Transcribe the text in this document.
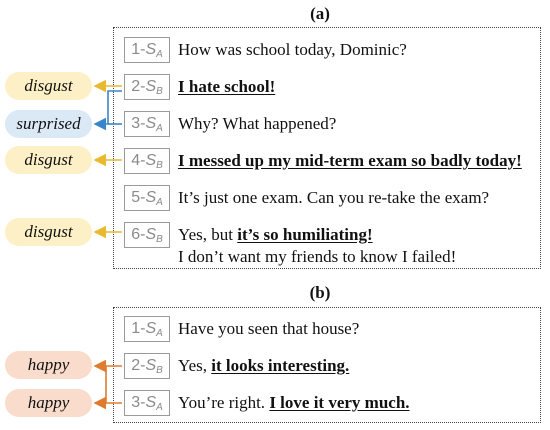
(a)
$1-S_A$ How was school today, Dominic?
$2-S_B$ I hate school!
$3-S_A$ Why? What happened?
$4-S_B$ I messed up my mid-term exam so badly today!
$5-S_A$ It’s just one exam. Can you re-take the exam?
$6-S_B$ Yes, but it’s so humiliating!
I don’t want my friends to know I failed!
disgust
surprised
disgust
disgust
(b)
$1-S_A$ Have you seen that house?
$2-S_B$ Yes, it looks interesting.
$3-S_A$ You’re right. I love it very much.
happy
happy
